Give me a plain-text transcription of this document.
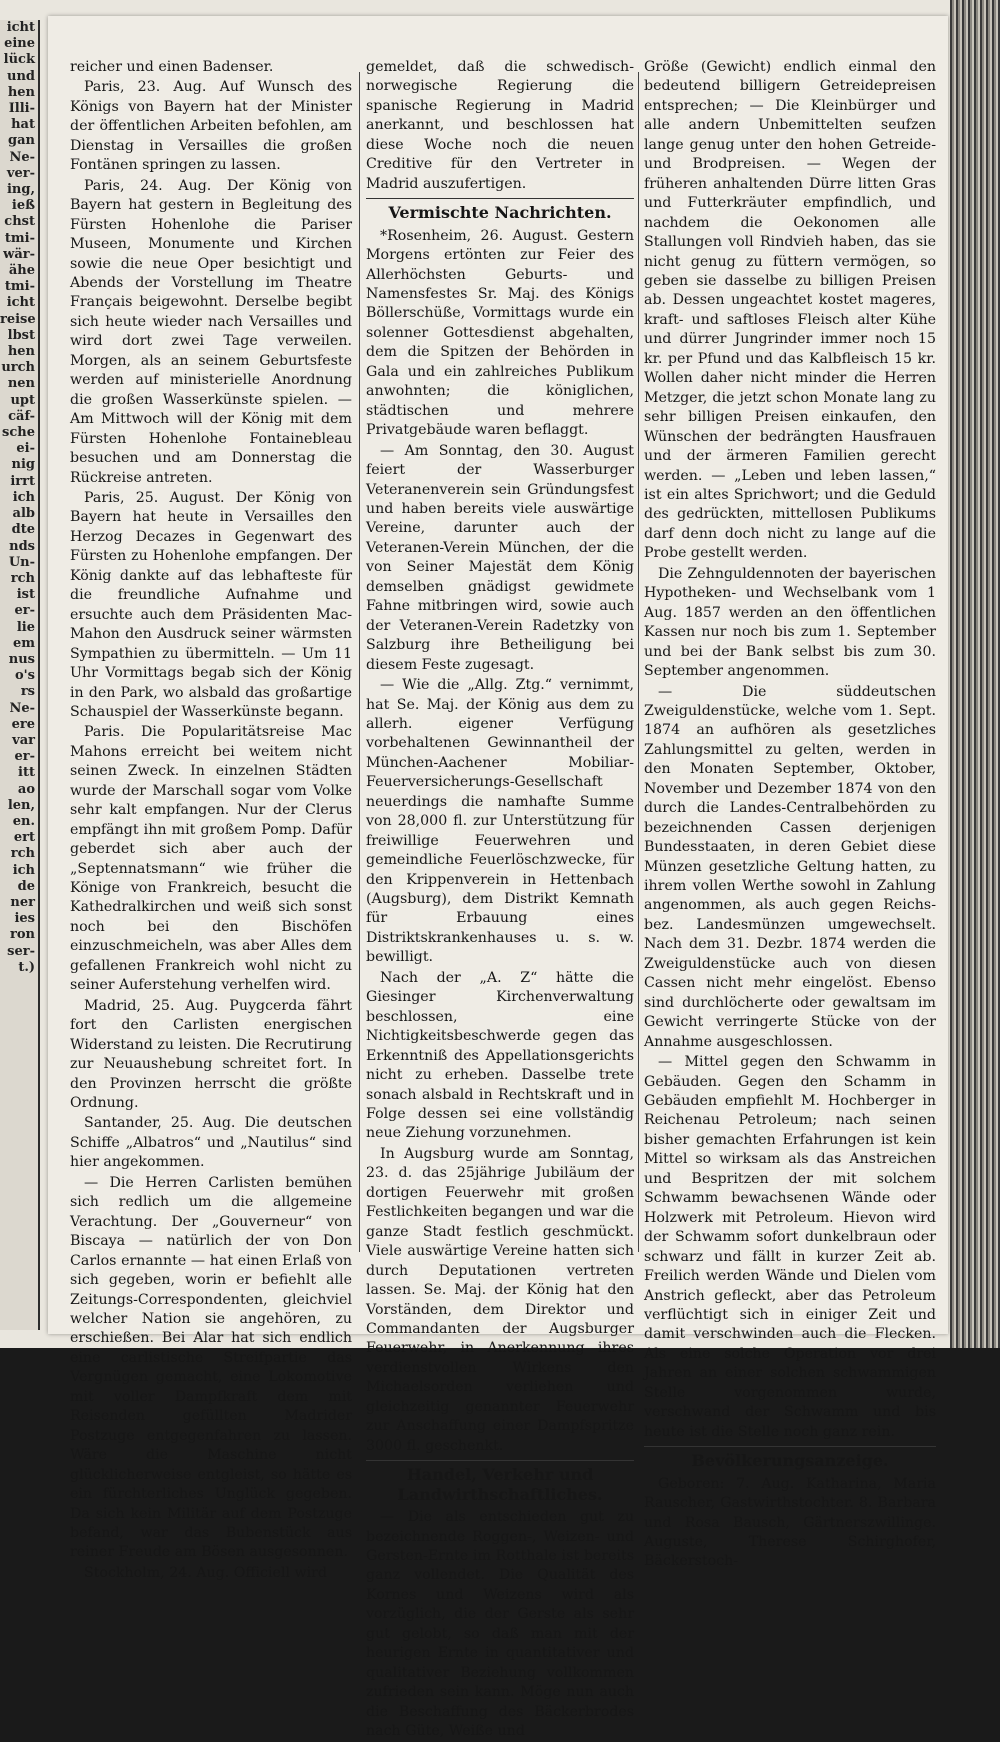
icht
eine
lück
und
hen
Illi-
hat
gan
Ne-
ver-
ing,
ieß
chst
tmi-
wär-
ähe
tmi-
icht
reise
lbst
hen
urch
nen
upt
cäf-
sche
ei-
nig
irrt
ich
alb
dte
nds
Un-
rch
ist
er-
lie
em
nus
o's
rs
Ne-
ere
var
er-
itt
ao
len,
en.
ert
rch
ich
de
ner
ies
ron
ser-
t.)

reicher und einen Badenser.

Paris, 23. Aug. Auf Wunsch des Königs von Bayern hat der Minister der öffentlichen Arbeiten befohlen, am Dienstag in Versailles die großen Fontänen springen zu lassen.

Paris, 24. Aug. Der König von Bayern hat gestern in Begleitung des Fürsten Hohenlohe die Pariser Museen, Monumente und Kirchen sowie die neue Oper besichtigt und Abends der Vorstellung im Theatre Français beigewohnt. Derselbe begibt sich heute wieder nach Versailles und wird dort zwei Tage verweilen. Morgen, als an seinem Geburtsfeste werden auf ministerielle Anordnung die großen Wasserkünste spielen. — Am Mittwoch will der König mit dem Fürsten Hohenlohe Fontainebleau besuchen und am Donnerstag die Rückreise antreten.

Paris, 25. August. Der König von Bayern hat heute in Versailles den Herzog Decazes in Gegenwart des Fürsten zu Hohenlohe empfangen. Der König dankte auf das lebhafteste für die freundliche Aufnahme und ersuchte auch dem Präsidenten Mac-Mahon den Ausdruck seiner wärmsten Sympathien zu übermitteln. — Um 11 Uhr Vormittags begab sich der König in den Park, wo alsbald das großartige Schauspiel der Wasserkünste begann.

Paris. Die Popularitätsreise Mac Mahons erreicht bei weitem nicht seinen Zweck. In einzelnen Städten wurde der Marschall sogar vom Volke sehr kalt empfangen. Nur der Clerus empfängt ihn mit großem Pomp. Dafür geberdet sich aber auch der „Septennatsmann“ wie früher die Könige von Frankreich, besucht die Kathedralkirchen und weiß sich sonst noch bei den Bischöfen einzuschmeicheln, was aber Alles dem gefallenen Frankreich wohl nicht zu seiner Auferstehung verhelfen wird.

Madrid, 25. Aug. Puygcerda fährt fort den Carlisten energischen Widerstand zu leisten. Die Recrutirung zur Neuaushebung schreitet fort. In den Provinzen herrscht die größte Ordnung.

Santander, 25. Aug. Die deutschen Schiffe „Albatros“ und „Nautilus“ sind hier angekommen.

— Die Herren Carlisten bemühen sich redlich um die allgemeine Verachtung. Der „Gouverneur“ von Biscaya — natürlich der von Don Carlos ernannte — hat einen Erlaß von sich gegeben, worin er befiehlt alle Zeitungs-Correspondenten, gleichviel welcher Nation sie angehören, zu erschießen. Bei Alar hat sich endlich eine carlistische Streifpartie das Vergnügen gemacht, eine Lokomotive mit voller Dampfkraft dem mit Reisenden gefüllten Madrider Postzuge entgegenfahren zu lassen. Wäre die Maschine nicht glücklicherweise entgleist, so hätte es ein fürchterliches Unglück gegeben. Da sich kein Militär auf dem Postzuge befand, war das Bubenstück aus reiner Freude am Bösen ausgesonnen.

Stockholm, 24. Aug. Officiell wird

gemeldet, daß die schwedisch-norwegische Regierung die spanische Regierung in Madrid anerkannt, und beschlossen hat diese Woche noch die neuen Creditive für den Vertreter in Madrid auszufertigen.

Vermischte Nachrichten.

*Rosenheim, 26. August. Gestern Morgens ertönten zur Feier des Allerhöchsten Geburts- und Namensfestes Sr. Maj. des Königs Böllerschüße, Vormittags wurde ein solenner Gottesdienst abgehalten, dem die Spitzen der Behörden in Gala und ein zahlreiches Publikum anwohnten; die königlichen, städtischen und mehrere Privatgebäude waren beflaggt.

— Am Sonntag, den 30. August feiert der Wasserburger Veteranenverein sein Gründungsfest und haben bereits viele auswärtige Vereine, darunter auch der Veteranen-Verein München, der die von Seiner Majestät dem König demselben gnädigst gewidmete Fahne mitbringen wird, sowie auch der Veteranen-Verein Radetzky von Salzburg ihre Betheiligung bei diesem Feste zugesagt.

— Wie die „Allg. Ztg.“ vernimmt, hat Se. Maj. der König aus dem zu allerh. eigener Verfügung vorbehaltenen Gewinnantheil der München-Aachener Mobiliar-Feuerversicherungs-Gesellschaft neuerdings die namhafte Summe von 28,000 fl. zur Unterstützung für freiwillige Feuerwehren und gemeindliche Feuerlöschzwecke, für den Krippenverein in Hettenbach (Augsburg), dem Distrikt Kemnath für Erbauung eines Distriktskrankenhauses u. s. w. bewilligt.

Nach der „A. Z“ hätte die Giesinger Kirchenverwaltung beschlossen, eine Nichtigkeitsbeschwerde gegen das Erkenntniß des Appellationsgerichts nicht zu erheben. Dasselbe trete sonach alsbald in Rechtskraft und in Folge dessen sei eine vollständig neue Ziehung vorzunehmen.

In Augsburg wurde am Sonntag, 23. d. das 25jährige Jubiläum der dortigen Feuerwehr mit großen Festlichkeiten begangen und war die ganze Stadt festlich geschmückt. Viele auswärtige Vereine hatten sich durch Deputationen vertreten lassen. Se. Maj. der König hat den Vorständen, dem Direktor und Commandanten der Augsburger Feuerwehr, in Anerkennung ihres verdienstvollen Wirkens den Michaelsorden verliehen und gleichzeitig genannter Feuerwehr zur Anschaffung einer Dampfspritze 3000 fl. geschenkt.

Handel, Verkehr und Landwirthschaftliches.

— Die als entschieden gut zu bezeichnende Roggen-, Weizen- und Gersten-Ernte im Rotthale ist bereits ganz vollendet. Die Qualität des Kornes und Weizens wird als vorzüglich, die der Gerste als sehr gut gelobt, so daß man mit der heurigen Ernte in quantitativer und qualitativer Beziehung vollkommen zufrieden sein kann. Möge nun auch die Beschaffung des Bäckerbrodes nach Güte, Weiße und

Größe (Gewicht) endlich einmal den bedeutend billigern Getreidepreisen entsprechen; — Die Kleinbürger und alle andern Unbemittelten seufzen lange genug unter den hohen Getreide- und Brodpreisen. — Wegen der früheren anhaltenden Dürre litten Gras und Futterkräuter empfindlich, und nachdem die Oekonomen alle Stallungen voll Rindvieh haben, das sie nicht genug zu füttern vermögen, so geben sie dasselbe zu billigen Preisen ab. Dessen ungeachtet kostet mageres, kraft- und saftloses Fleisch alter Kühe und dürrer Jungrinder immer noch 15 kr. per Pfund und das Kalbfleisch 15 kr. Wollen daher nicht minder die Herren Metzger, die jetzt schon Monate lang zu sehr billigen Preisen einkaufen, den Wünschen der bedrängten Hausfrauen und der ärmeren Familien gerecht werden. — „Leben und leben lassen,“ ist ein altes Sprichwort; und die Geduld des gedrückten, mittellosen Publikums darf denn doch nicht zu lange auf die Probe gestellt werden.

Die Zehnguldennoten der bayerischen Hypotheken- und Wechselbank vom 1 Aug. 1857 werden an den öffentlichen Kassen nur noch bis zum 1. September und bei der Bank selbst bis zum 30. September angenommen.

— Die süddeutschen Zweiguldenstücke, welche vom 1. Sept. 1874 an aufhören als gesetzliches Zahlungsmittel zu gelten, werden in den Monaten September, Oktober, November und Dezember 1874 von den durch die Landes-Centralbehörden zu bezeichnenden Cassen derjenigen Bundesstaaten, in deren Gebiet diese Münzen gesetzliche Geltung hatten, zu ihrem vollen Werthe sowohl in Zahlung angenommen, als auch gegen Reichs- bez. Landesmünzen umgewechselt. Nach dem 31. Dezbr. 1874 werden die Zweiguldenstücke auch von diesen Cassen nicht mehr eingelöst. Ebenso sind durchlöcherte oder gewaltsam im Gewicht verringerte Stücke von der Annahme ausgeschlossen.

— Mittel gegen den Schwamm in Gebäuden. Gegen den Schamm in Gebäuden empfiehlt M. Hochberger in Reichenau Petroleum; nach seinen bisher gemachten Erfahrungen ist kein Mittel so wirksam als das Anstreichen und Bespritzen der mit solchem Schwamm bewachsenen Wände oder Holzwerk mit Petroleum. Hievon wird der Schwamm sofort dunkelbraun oder schwarz und fällt in kurzer Zeit ab. Freilich werden Wände und Dielen vom Anstrich gefleckt, aber das Petroleum verflüchtigt sich in einiger Zeit und damit verschwinden auch die Flecken. Als eine solche Operation vor drei Jahren an einer solchen schwammigen Stelle vorgenommen wurde, verschwand der Schwamm und bis heute ist die Stelle noch ganz rein.

Bevölkerungsanzeige.

Geboren: 7. Aug. Katharina, Maria Rauscher, Gastwirthstochter. 8. Barbara und Rosa Bausch, Gärtnerszwillinge. Auguste, Therese Schirghofer, Bäckerstoch-
